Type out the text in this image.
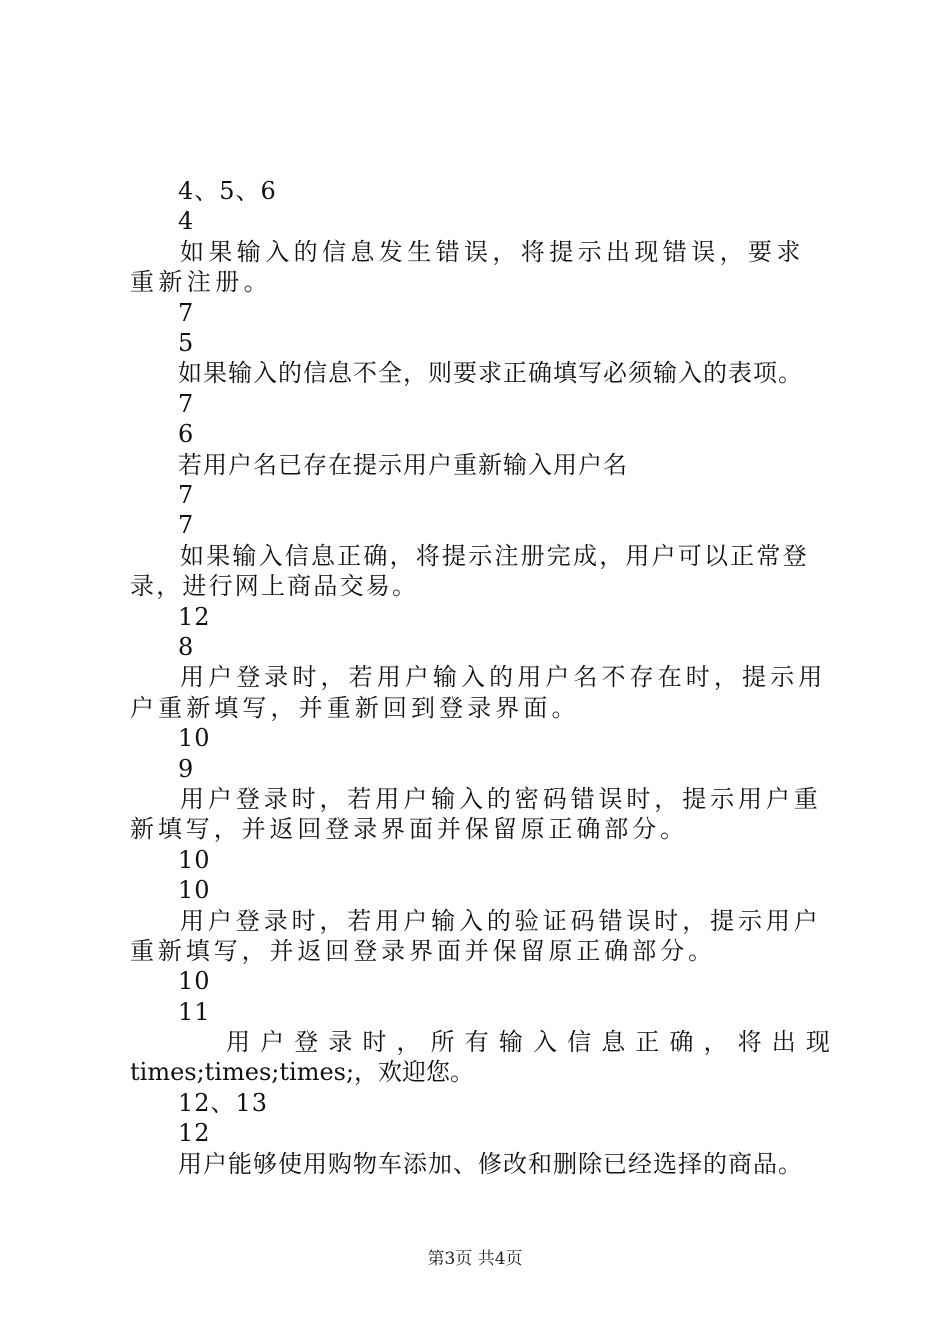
4、5、6
4
如果输入的信息发生错误，将提示出现错误，要求重新注册。
7
5
如果输入的信息不全，则要求正确填写必须输入的表项。
7
6
若用户名已存在提示用户重新输入用户名
7
7
如果输入信息正确，将提示注册完成，用户可以正常登录，进行网上商品交易。
12
8
用户登录时，若用户输入的用户名不存在时，提示用户重新填写，并重新回到登录界面。
10
9
用户登录时，若用户输入的密码错误时，提示用户重新填写，并返回登录界面并保留原正确部分。
10
10
用户登录时，若用户输入的验证码错误时，提示用户重新填写，并返回登录界面并保留原正确部分。
10
11
用 户 登 录 时 ， 所 有 输 入 信 息 正 确 ， 将 出 现
times;times;times;，欢迎您。
12、13
12
用户能够使用购物车添加、修改和删除已经选择的商品。
第3页 共4页
